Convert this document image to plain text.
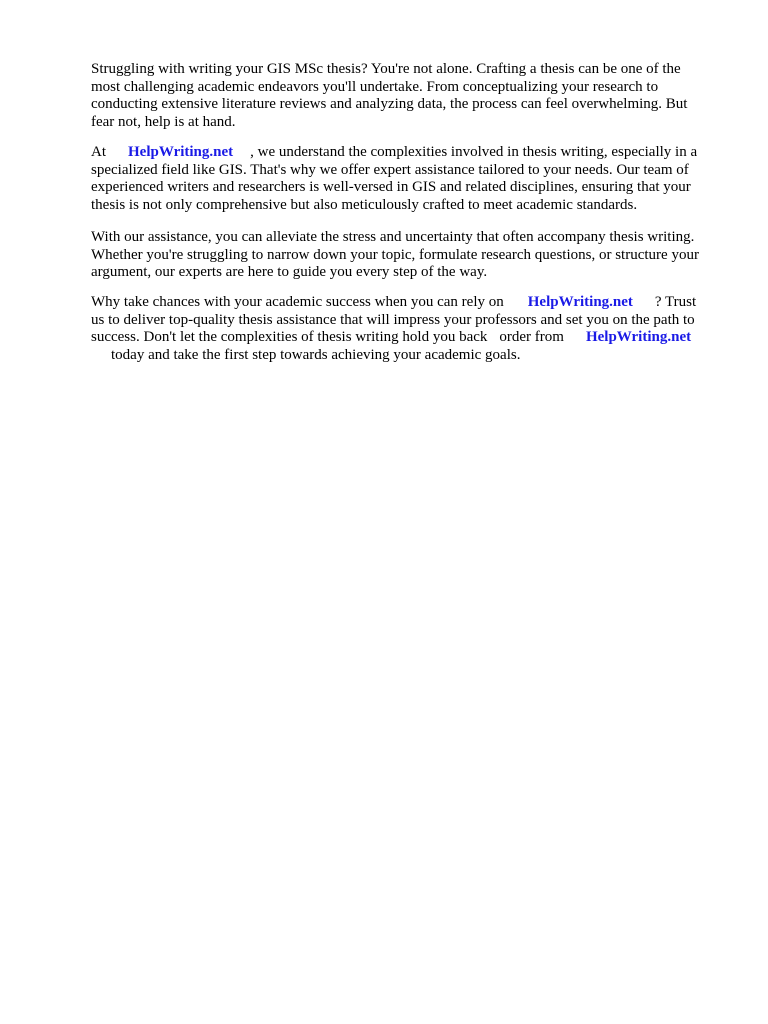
Struggling with writing your GIS MSc thesis? You're not alone. Crafting a thesis can be one of the
most challenging academic endeavors you'll undertake. From conceptualizing your research to
conducting extensive literature reviews and analyzing data, the process can feel overwhelming. But
fear not, help is at hand.
At HelpWriting.net , we understand the complexities involved in thesis writing, especially in a
specialized field like GIS. That's why we offer expert assistance tailored to your needs. Our team of
experienced writers and researchers is well-versed in GIS and related disciplines, ensuring that your
thesis is not only comprehensive but also meticulously crafted to meet academic standards.
With our assistance, you can alleviate the stress and uncertainty that often accompany thesis writing.
Whether you're struggling to narrow down your topic, formulate research questions, or structure your
argument, our experts are here to guide you every step of the way.
Why take chances with your academic success when you can rely on HelpWriting.net ? Trust
us to deliver top-quality thesis assistance that will impress your professors and set you on the path to
success. Don't let the complexities of thesis writing hold you back order from HelpWriting.net
today and take the first step towards achieving your academic goals.
